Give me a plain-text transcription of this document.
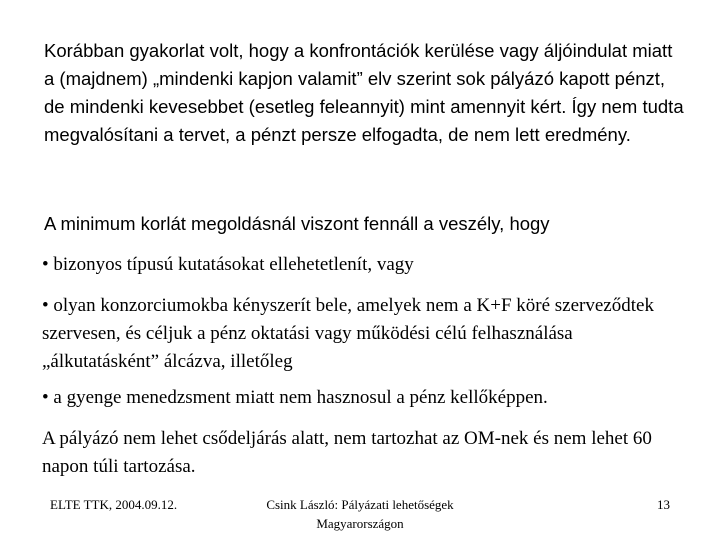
Korábban gyakorlat volt, hogy a konfrontációk kerülése vagy áljóindulat miatt a (majdnem) „mindenki kapjon valamit” elv szerint sok pályázó kapott pénzt, de mindenki kevesebbet (esetleg feleannyit) mint amennyit kért. Így nem tudta megvalósítani a tervet, a pénzt persze elfogadta, de nem lett eredmény.

A minimum korlát megoldásnál viszont fennáll a veszély, hogy

• bizonyos típusú kutatásokat ellehetetlenít, vagy

• olyan konzorciumokba kényszerít bele, amelyek nem a K+F köré szerveződtek szervesen, és céljuk a pénz oktatási vagy működési célú felhasználása „álkutatásként” álcázva, illetőleg

• a gyenge menedzsment miatt nem hasznosul a pénz kellőképpen.

A pályázó nem lehet csődeljárás alatt, nem tartozhat az OM-nek és nem lehet 60 napon túli tartozása.

ELTE TTK, 2004.09.12.	Csink László: Pályázati lehetőségek Magyarországon
13
